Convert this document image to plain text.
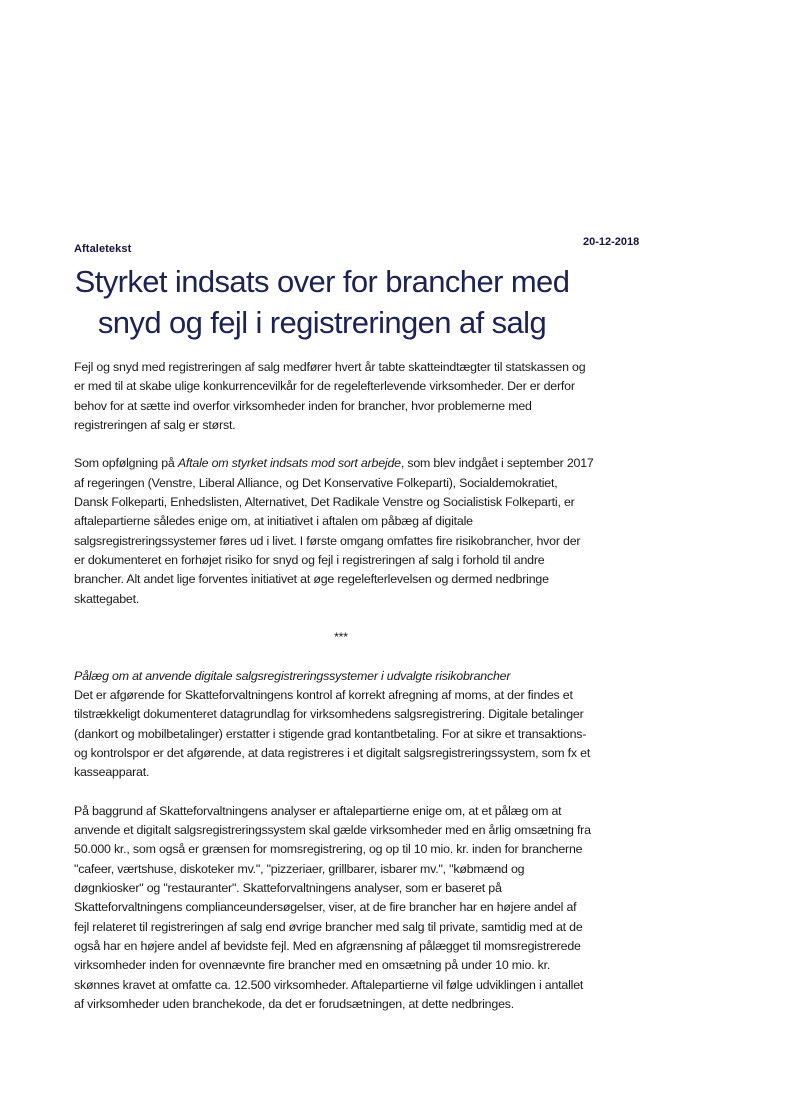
Aftaletekst
20-12-2018
Styrket indsats over for brancher med snyd og fejl i registreringen af salg

Fejl og snyd med registreringen af salg medfører hvert år tabte skatteindtægter til statskassen og er med til at skabe ulige konkurrencevilkår for de regelefterlevende virksomheder. Der er derfor behov for at sætte ind overfor virksomheder inden for brancher, hvor problemerne med registreringen af salg er størst.

Som opfølgning på Aftale om styrket indsats mod sort arbejde, som blev indgået i september 2017 af regeringen (Venstre, Liberal Alliance, og Det Konservative Folkeparti), Socialdemokratiet, Dansk Folkeparti, Enhedslisten, Alternativet, Det Radikale Venstre og Socialistisk Folkeparti, er aftalepartierne således enige om, at initiativet i aftalen om påbæg af digitale salgsregistreringssystemer føres ud i livet. I første omgang omfattes fire risikobrancher, hvor der er dokumenteret en forhøjet risiko for snyd og fejl i registreringen af salg i forhold til andre brancher. Alt andet lige forventes initiativet at øge regelefterlevelsen og dermed nedbringe skattegabet.

***

Pålæg om at anvende digitale salgsregistreringssystemer i udvalgte risikobrancher

Det er afgørende for Skatteforvaltningens kontrol af korrekt afregning af moms, at der findes et tilstrækkeligt dokumenteret datagrundlag for virksomhedens salgsregistrering. Digitale betalinger (dankort og mobilbetalinger) erstatter i stigende grad kontantbetaling. For at sikre et transaktions- og kontrolspor er det afgørende, at data registreres i et digitalt salgsregistreringssystem, som fx et kasseapparat.

På baggrund af Skatteforvaltningens analyser er aftalepartierne enige om, at et pålæg om at anvende et digitalt salgsregistreringssystem skal gælde virksomheder med en årlig omsætning fra 50.000 kr., som også er grænsen for momsregistrering, og op til 10 mio. kr. inden for brancherne "cafeer, værtshuse, diskoteker mv.", "pizzeriaer, grillbarer, isbarer mv.", "købmænd og døgnkiosker" og "restauranter". Skatteforvaltningens analyser, som er baseret på Skatteforvaltningens complianceundersøgelser, viser, at de fire brancher har en højere andel af fejl relateret til registreringen af salg end øvrige brancher med salg til private, samtidig med at de også har en højere andel af bevidste fejl. Med en afgrænsning af pålægget til momsregistrerede virksomheder inden for ovennævnte fire brancher med en omsætning på under 10 mio. kr. skønnes kravet at omfatte ca. 12.500 virksomheder. Aftalepartierne vil følge udviklingen i antallet af virksomheder uden branchekode, da det er forudsætningen, at dette nedbringes.
